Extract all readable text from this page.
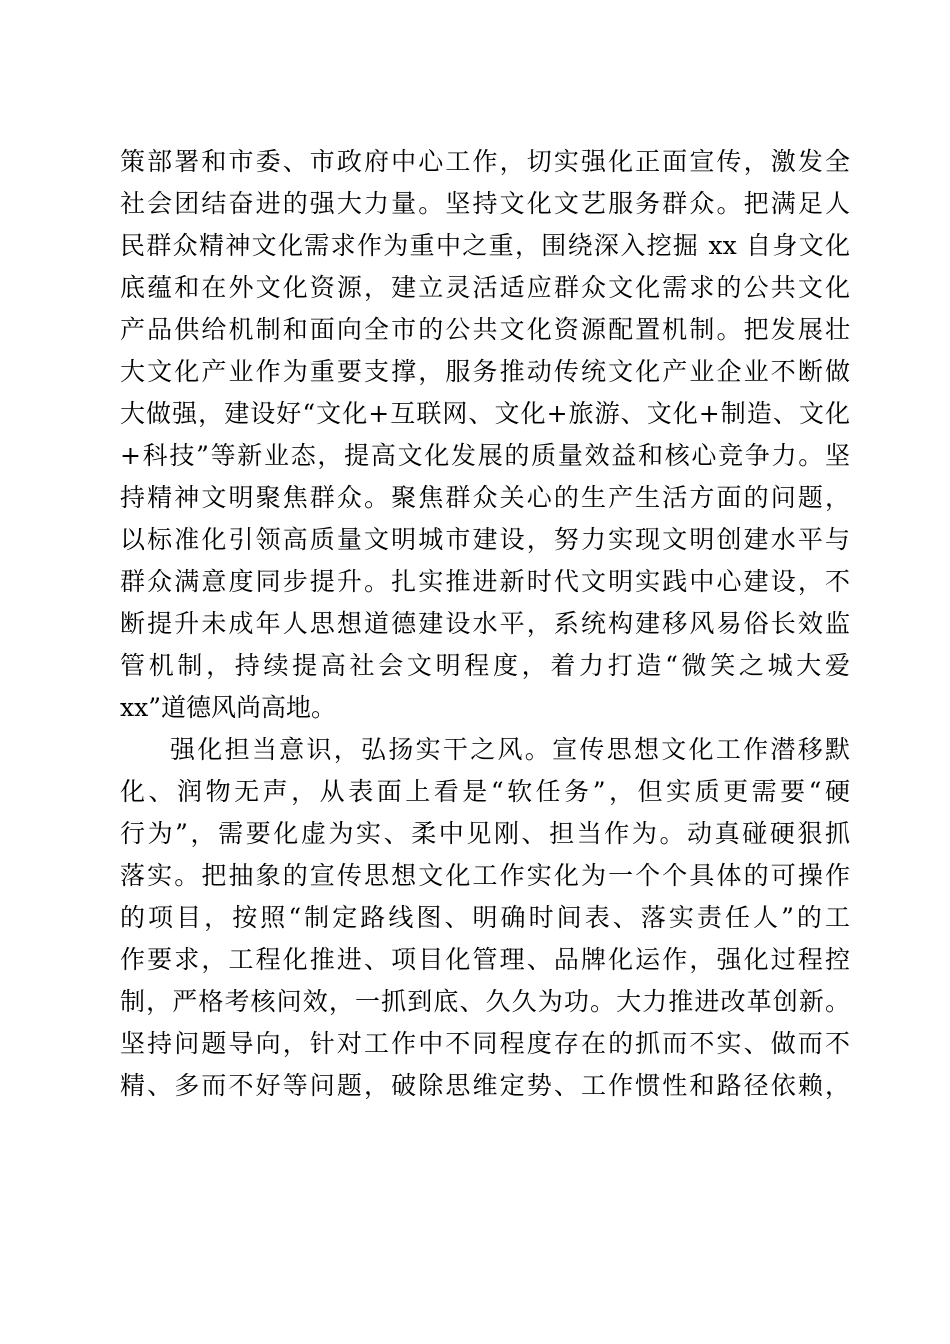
策部署和市委、市政府中心工作，切实强化正面宣传，激发全
社会团结奋进的强大力量。坚持文化文艺服务群众。把满足人
民群众精神文化需求作为重中之重，围绕深入挖掘 xx 自身文化
底蕴和在外文化资源，建立灵活适应群众文化需求的公共文化
产品供给机制和面向全市的公共文化资源配置机制。把发展壮
大文化产业作为重要支撑，服务推动传统文化产业企业不断做
大做强，建设好“文化+互联网、文化+旅游、文化+制造、文化
+科技”等新业态，提高文化发展的质量效益和核心竞争力。坚
持精神文明聚焦群众。聚焦群众关心的生产生活方面的问题，
以标准化引领高质量文明城市建设，努力实现文明创建水平与
群众满意度同步提升。扎实推进新时代文明实践中心建设，不
断提升未成年人思想道德建设水平，系统构建移风易俗长效监
管机制，持续提高社会文明程度，着力打造“微笑之城大爱
xx”道德风尚高地。
强化担当意识，弘扬实干之风。宣传思想文化工作潜移默
化、润物无声，从表面上看是“软任务”，但实质更需要“硬
行为”，需要化虚为实、柔中见刚、担当作为。动真碰硬狠抓
落实。把抽象的宣传思想文化工作实化为一个个具体的可操作
的项目，按照“制定路线图、明确时间表、落实责任人”的工
作要求，工程化推进、项目化管理、品牌化运作，强化过程控
制，严格考核问效，一抓到底、久久为功。大力推进改革创新。
坚持问题导向，针对工作中不同程度存在的抓而不实、做而不
精、多而不好等问题，破除思维定势、工作惯性和路径依赖，
